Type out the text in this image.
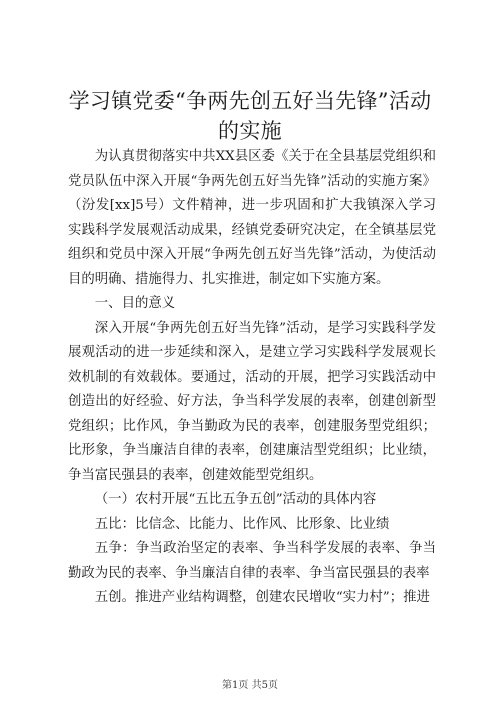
学习镇党委“争两先创五好当先锋”活动的实施

为认真贯彻落实中共XX县区委《关于在全县基层党组织和党员队伍中深入开展“争两先创五好当先锋”活动的实施方案》（汾发[xx]5号）文件精神，进一步巩固和扩大我镇深入学习实践科学发展观活动成果，经镇党委研究决定，在全镇基层党组织和党员中深入开展“争两先创五好当先锋”活动，为使活动目的明确、措施得力、扎实推进，制定如下实施方案。

一、目的意义

深入开展“争两先创五好当先锋”活动，是学习实践科学发展观活动的进一步延续和深入，是建立学习实践科学发展观长效机制的有效载体。要通过，活动的开展，把学习实践活动中创造出的好经验、好方法，争当科学发展的表率，创建创新型党组织；比作风，争当勤政为民的表率，创建服务型党组织；比形象，争当廉洁自律的表率，创建廉洁型党组织；比业绩，争当富民强县的表率，创建效能型党组织。

（一）农村开展“五比五争五创”活动的具体内容

五比：比信念、比能力、比作风、比形象、比业绩

五争：争当政治坚定的表率、争当科学发展的表率、争当勤政为民的表率、争当廉洁自律的表率、争当富民强县的表率

五创。推进产业结构调整，创建农民增收“实力村”；推进

第1页 共5页
